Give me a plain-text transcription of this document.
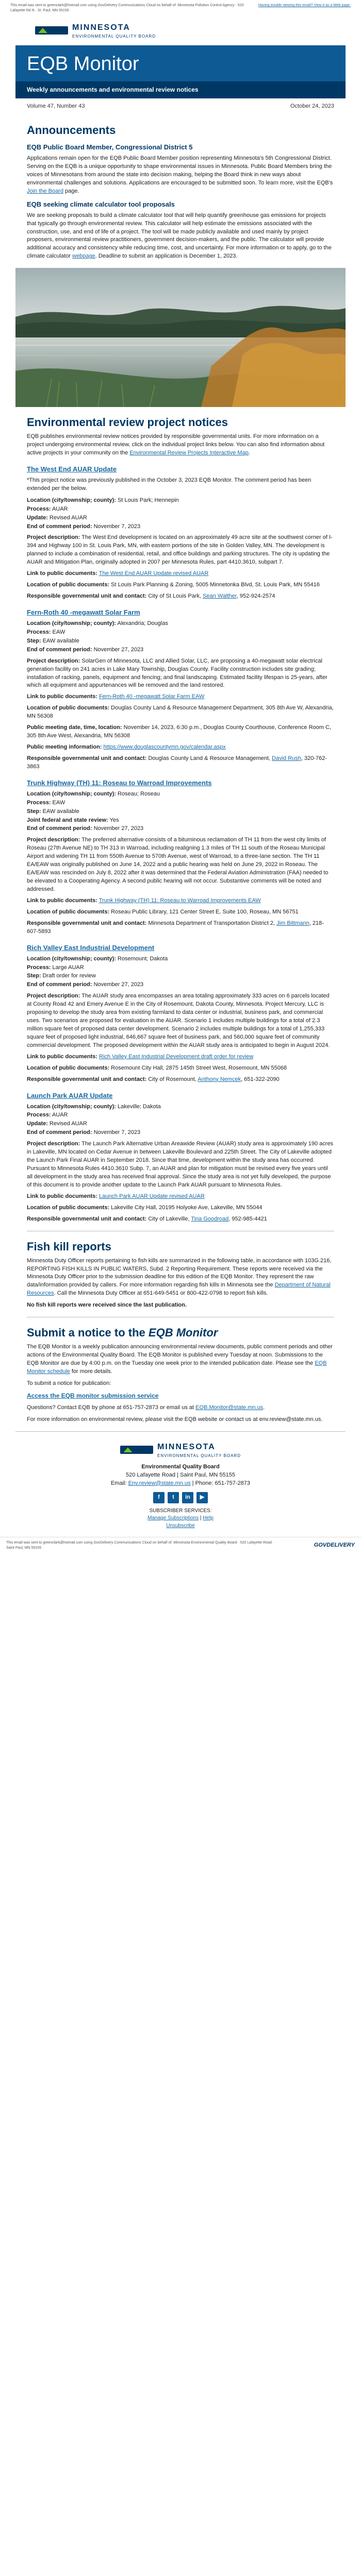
This email was sent to greenclark@hotmail.com using GovDelivery Communications Cloud on behalf of: Minnesota Pollution Control Agency · 520 Lafayette Rd N · St. Paul, MN 55155
Having trouble viewing this email? View it as a Web page.
MINNESOTA
ENVIRONMENTAL QUALITY BOARD
EQB Monitor
Weekly announcements and environmental review notices
Volume 47, Number 43	October 24, 2023
Announcements
EQB Public Board Member, Congressional District 5

Applications remain open for the EQB Public Board Member position representing Minnesota's 5th Congressional District. Serving on the EQB is a unique opportunity to shape environmental issues in Minnesota. Public Board Members bring the voices of Minnesotans from around the state into decision making, helping the Board think in new ways about environmental challenges and solutions. Applications are encouraged to be submitted soon. To learn more, visit the EQB's Join the Board page.

EQB seeking climate calculator tool proposals

We are seeking proposals to build a climate calculator tool that will help quantify greenhouse gas emissions for projects that typically go through environmental review. This calculator will help estimate the emissions associated with the construction, use, and end of life of a project. The tool will be made publicly available and used mainly by project proposers, environmental review practitioners, government decision-makers, and the public. The calculator will provide additional accuracy and consistency while reducing time, cost, and uncertainty. For more information or to apply, go to the climate calculator webpage. Deadline to submit an application is December 1, 2023.

Environmental review project notices

EQB publishes environmental review notices provided by responsible governmental units. For more information on a project undergoing environmental review, click on the individual project links below. You can also find information about active projects in your community on the Environmental Review Projects Interactive Map.

The West End AUAR Update

*This project notice was previously published in the October 3, 2023 EQB Monitor. The comment period has been extended per the below.

Location (city/township; county): St Louis Park; Hennepin
Process: AUAR
Update: Revised AUAR
End of comment period: November 7, 2023
Project description: The West End development is located on an approximately 49 acre site at the southwest corner of I-394 and Highway 100 in St. Louis Park, MN, with eastern portions of the site in Golden Valley, MN. The development is planned to include a combination of residential, retail, and office buildings and parking structures. The city is updating the AUAR and Mitigation Plan, originally adopted in 2007 per Minnesota Rules, part 4410.3610, subpart 7.
Link to public documents: The West End AUAR Update revised AUAR
Location of public documents: St Louis Park Planning & Zoning, 5005 Minnetonka Blvd, St. Louis Park, MN 55416
Responsible governmental unit and contact: City of St Louis Park, Sean Walther, 952-924-2574
Fern-Roth 40 -megawatt Solar Farm
Location (city/township; county): Alexandria; Douglas
Process: EAW
Step: EAW available
End of comment period: November 27, 2023
Project description: SolarGen of Minnesota, LLC and Allied Solar, LLC, are proposing a 40-megawatt solar electrical generation facility on 241 acres in Lake Mary Township, Douglas County. Facility construction includes site grading; installation of racking, panels, equipment and fencing; and final landscaping. Estimated facility lifespan is 25-years, after which all equipment and appurtenances will be removed and the land restored.
Link to public documents: Fern-Roth 40 -megawatt Solar Farm EAW
Location of public documents: Douglas County Land & Resource Management Department, 305 8th Ave W, Alexandria, MN 56308
Public meeting date, time, location: November 14, 2023, 6:30 p.m., Douglas County Courthouse, Conference Room C, 305 8th Ave West, Alexandria, MN 56308
Public meeting information: https://www.douglascountymn.gov/calendar.aspx
Responsible governmental unit and contact: Douglas County Land & Resource Management, David Rush, 320-762-3863
Trunk Highway (TH) 11: Roseau to Warroad Improvements
Location (city/township; county): Roseau; Roseau
Process: EAW
Step: EAW available
Joint federal and state review: Yes
End of comment period: November 27, 2023
Project description: The preferred alternative consists of a bituminous reclamation of TH 11 from the west city limits of Roseau (27th Avenue NE) to TH 313 in Warroad, including realigning 1.3 miles of TH 11 south of the Roseau Municipal Airport and widening TH 11 from 550th Avenue to 570th Avenue, west of Warroad, to a three-lane section. The TH 11 EA/EAW was originally published on June 14, 2022 and a public hearing was held on June 29, 2022 in Roseau. The EA/EAW was rescinded on July 8, 2022 after it was determined that the Federal Aviation Administration (FAA) needed to be elevated to a Cooperating Agency. A second public hearing will not occur. Substantive comments will be noted and addressed.
Link to public documents: Trunk Highway (TH) 11: Roseau to Warroad Improvements EAW
Location of public documents: Roseau Public Library, 121 Center Street E, Suite 100, Roseau, MN 56751
Responsible governmental unit and contact: Minnesota Department of Transportation District 2, Jim Bittmann, 218-607-5893
Rich Valley East Industrial Development
Location (city/township; county): Rosemount; Dakota
Process: Large AUAR
Step: Draft order for review
End of comment period: November 27, 2023
Project description: The AUAR study area encompasses an area totaling approximately 333 acres on 6 parcels located at County Road 42 and Emery Avenue E in the City of Rosemount, Dakota County, Minnesota. Project Mercury, LLC is proposing to develop the study area from existing farmland to data center or industrial, business park, and commercial uses. Two scenarios are proposed for evaluation in the AUAR. Scenario 1 includes multiple buildings for a total of 2.3 million square feet of proposed data center development. Scenario 2 includes multiple buildings for a total of 1,255,333 square feet of proposed light industrial, 646,667 square feet of business park, and 560,000 square feet of community commercial development. The proposed development within the AUAR study area is anticipated to begin in August 2024.
Link to public documents: Rich Valley East Industrial Development draft order for review
Location of public documents: Rosemount City Hall, 2875 145th Street West, Rosemount, MN 55068
Responsible governmental unit and contact: City of Rosemount, Anthony Nemcek, 651-322-2090
Launch Park AUAR Update
Location (city/township; county): Lakeville; Dakota
Process: AUAR
Update: Revised AUAR
End of comment period: November 7, 2023
Project description: The Launch Park Alternative Urban Areawide Review (AUAR) study area is approximately 190 acres in Lakeville, MN located on Cedar Avenue in between Lakeville Boulevard and 225th Street. The City of Lakeville adopted the Launch Park Final AUAR in September 2018. Since that time, development within the study area has occurred. Pursuant to Minnesota Rules 4410.3610 Subp. 7, an AUAR and plan for mitigation must be revised every five years until all development in the study area has received final approval. Since the study area is not yet fully developed, the purpose of this document is to provide another update to the Launch Park AUAR pursuant to Minnesota Rules.
Link to public documents: Launch Park AUAR Update revised AUAR
Location of public documents: Lakeville City Hall, 20195 Holyoke Ave, Lakeville, MN 55044
Responsible governmental unit and contact: City of Lakeville, Tina Goodroad, 952-985-4421
Fish kill reports

Minnesota Duty Officer reports pertaining to fish kills are summarized in the following table, in accordance with 103G.216, REPORTING FISH KILLS IN PUBLIC WATERS, Subd. 2 Reporting Requirement. These reports were received via the Minnesota Duty Officer prior to the submission deadline for this edition of the EQB Monitor. They represent the raw data/information provided by callers. For more information regarding fish kills in Minnesota see the Department of Natural Resources. Call the Minnesota Duty Officer at 651-649-5451 or 800-422-0798 to report fish kills.

No fish kill reports were received since the last publication.

Submit a notice to the EQB Monitor

The EQB Monitor is a weekly publication announcing environmental review documents, public comment periods and other actions of the Environmental Quality Board. The EQB Monitor is published every Tuesday at noon. Submissions to the EQB Monitor are due by 4:00 p.m. on the Tuesday one week prior to the intended publication date. Please see the EQB Monitor schedule for more details.

To submit a notice for publication:

Access the EQB monitor submission service

Questions? Contact EQB by phone at 651-757-2873 or email us at EQB.Monitor@state.mn.us.

For more information on environmental review, please visit the EQB website or contact us at env.review@state.mn.us.

MINNESOTA
ENVIRONMENTAL QUALITY BOARD
Environmental Quality Board
520 Lafayette Road | Saint Paul, MN 55155
Email: Env.review@state.mn.us | Phone: 651-757-2873
f	t	in	▶
SUBSCRIBER SERVICES:
Manage Subscriptions | Help
Unsubscribe
This email was sent to greenclark@hotmail.com using GovDelivery Communications Cloud on behalf of: Minnesota Environmental Quality Board · 520 Lafayette Road · Saint Paul, MN 55155	GOVDELIVERY
